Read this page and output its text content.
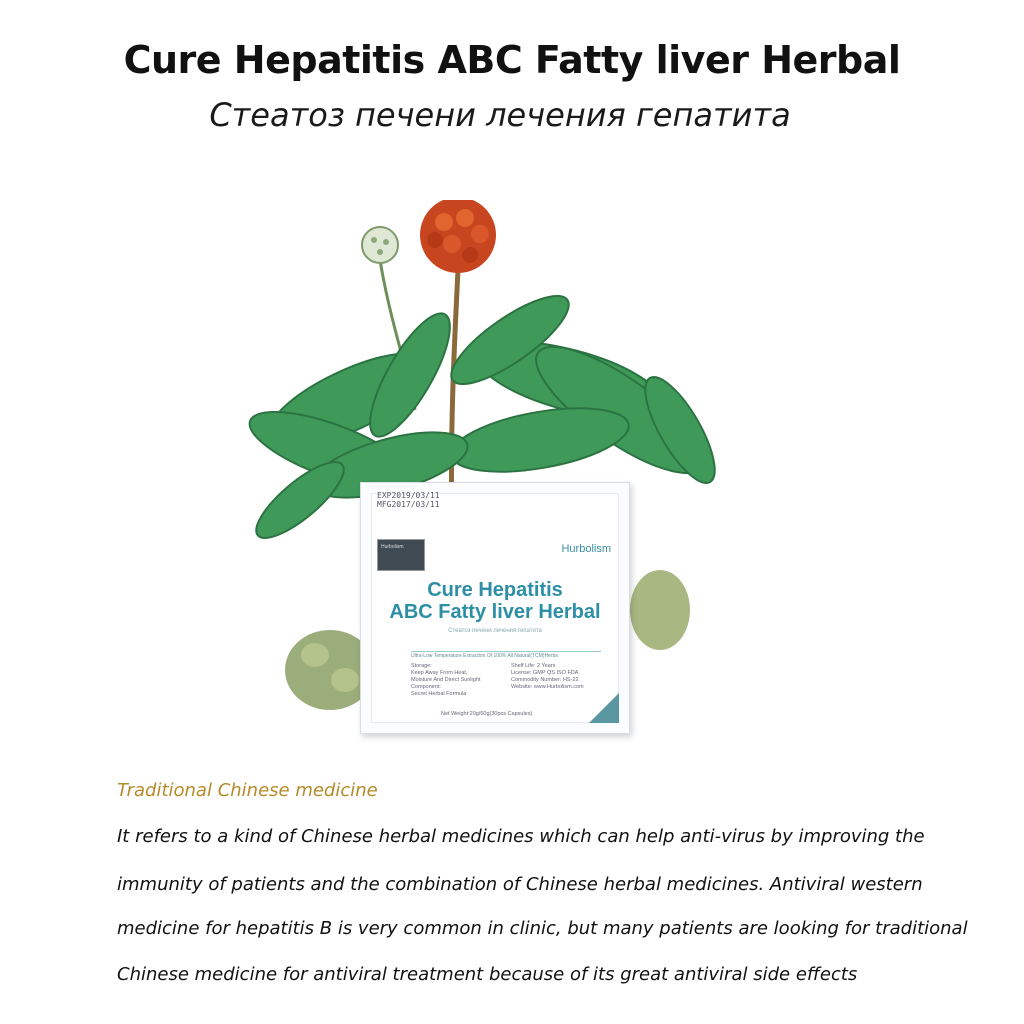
Cure Hepatitis ABC Fatty liver Herbal
Стеатоз печени лечения гепатита
EXP2019/03/11
MFG2017/03/11
Hurbolism	Hurbolism
Cure Hepatitis
ABC Fatty liver Herbal
Стеатоз печени лечения гепатита
Ultra-Low Temperature Extraction Of 100% All Natural(TCM)Herbs
Storage:
Keep Away From Heat,
Moisture And Direct Sunlight
Component:
Secret Herbal Formula
Shelf Life: 2 Years
License: GMP QS ISO FDA
Commodity Number: HS-22
Website: www.Hurbolism.com
Net Weight:20g/60g(30pcs Capsules)
Traditional Chinese medicine
It refers to a kind of Chinese herbal medicines which can help anti-virus by improving the
immunity of patients and the combination of Chinese herbal medicines. Antiviral western
medicine for hepatitis B is very common in clinic, but many patients are looking for traditional
Chinese medicine for antiviral treatment because of its great antiviral side effects
